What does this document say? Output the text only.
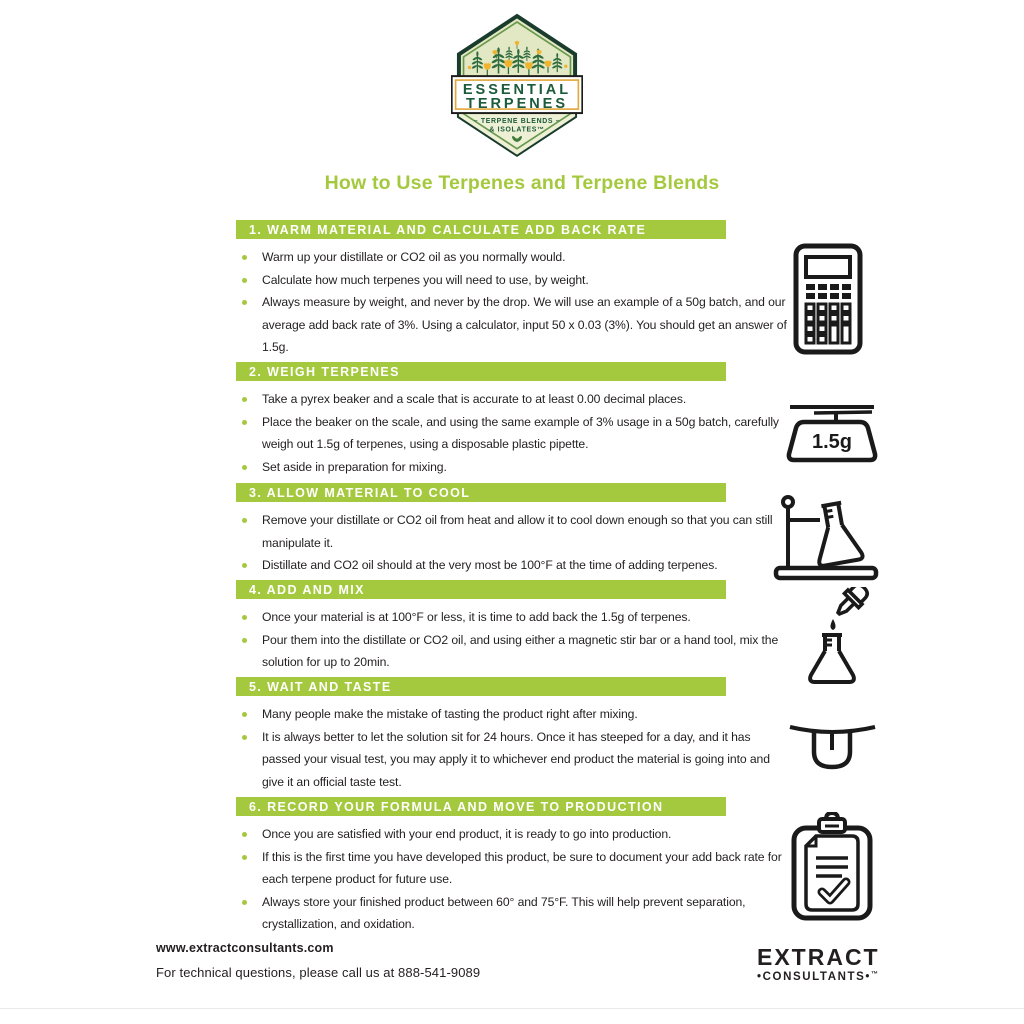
ESSENTIAL
TERPENES
– TERPENE BLENDS –
& ISOLATES™
How to Use Terpenes and Terpene Blends
1. WARM MATERIAL AND CALCULATE ADD BACK RATE
Warm up your distillate or CO2 oil as you normally would.
Calculate how much terpenes you will need to use, by weight.
Always measure by weight, and never by the drop. We will use an example of a 50g batch, and our average add back rate of 3%. Using a calculator, input 50 x 0.03 (3%). You should get an answer of 1.5g.
2. WEIGH TERPENES
Take a pyrex beaker and a scale that is accurate to at least 0.00 decimal places.
Place the beaker on the scale, and using the same example of 3% usage in a 50g batch, carefully weigh out 1.5g of terpenes, using a disposable plastic pipette.
Set aside in preparation for mixing.
3. ALLOW MATERIAL TO COOL
Remove your distillate or CO2 oil from heat and allow it to cool down enough so that you can still manipulate it.
Distillate and CO2 oil should at the very most be 100°F at the time of adding terpenes.
4. ADD AND MIX
Once your material is at 100°F or less, it is time to add back the 1.5g of terpenes.
Pour them into the distillate or CO2 oil, and using either a magnetic stir bar or a hand tool, mix the solution for up to 20min.
5. WAIT AND TASTE
Many people make the mistake of tasting the product right after mixing.
It is always better to let the solution sit for 24 hours. Once it has steeped for a day, and it has passed your visual test, you may apply it to whichever end product the material is going into and give it an official taste test.
6. RECORD YOUR FORMULA AND MOVE TO PRODUCTION
Once you are satisfied with your end product, it is ready to go into production.
If this is the first time you have developed this product, be sure to document your add back rate for each terpene product for future use.
Always store your finished product between 60° and 75°F. This will help prevent separation, crystallization, and oxidation.
1.5g
www.extractconsultants.com
For technical questions, please call us at 888-541-9089
EXTRACT
•CONSULTANTS•™
